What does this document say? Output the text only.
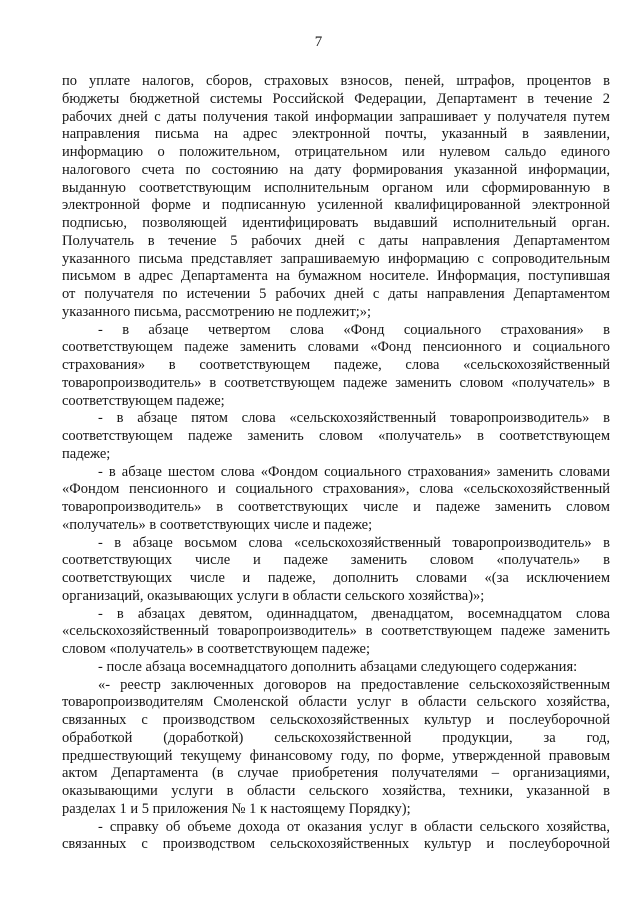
7
по уплате налогов, сборов, страховых взносов, пеней, штрафов, процентов в
бюджеты бюджетной системы Российской Федерации, Департамент в течение 2
рабочих дней с даты получения такой информации запрашивает у получателя путем
направления письма на адрес электронной почты, указанный в заявлении,
информацию о положительном, отрицательном или нулевом сальдо единого
налогового счета по состоянию на дату формирования указанной информации,
выданную соответствующим исполнительным органом или сформированную в
электронной форме и подписанную усиленной квалифицированной электронной
подписью, позволяющей идентифицировать выдавший исполнительный орган.
Получатель в течение 5 рабочих дней с даты направления Департаментом
указанного письма представляет запрашиваемую информацию с сопроводительным
письмом в адрес Департамента на бумажном носителе. Информация, поступившая
от получателя по истечении 5 рабочих дней с даты направления Департаментом
указанного письма, рассмотрению не подлежит;»;
- в абзаце четвертом слова «Фонд социального страхования» в
соответствующем падеже заменить словами «Фонд пенсионного и социального
страхования» в соответствующем падеже, слова «сельскохозяйственный
товаропроизводитель» в соответствующем падеже заменить словом «получатель» в
соответствующем падеже;
- в абзаце пятом слова «сельскохозяйственный товаропроизводитель» в
соответствующем падеже заменить словом «получатель» в соответствующем
падеже;
- в абзаце шестом слова «Фондом социального страхования» заменить словами
«Фондом пенсионного и социального страхования», слова «сельскохозяйственный
товаропроизводитель» в соответствующих числе и падеже заменить словом
«получатель» в соответствующих числе и падеже;
- в абзаце восьмом слова «сельскохозяйственный товаропроизводитель» в
соответствующих числе и падеже заменить словом «получатель» в
соответствующих числе и падеже, дополнить словами «(за исключением
организаций, оказывающих услуги в области сельского хозяйства)»;
- в абзацах девятом, одиннадцатом, двенадцатом, восемнадцатом слова
«сельскохозяйственный товаропроизводитель» в соответствующем падеже заменить
словом «получатель» в соответствующем падеже;
- после абзаца восемнадцатого дополнить абзацами следующего содержания:
«- реестр заключенных договоров на предоставление сельскохозяйственным
товаропроизводителям Смоленской области услуг в области сельского хозяйства,
связанных с производством сельскохозяйственных культур и послеуборочной
обработкой (доработкой) сельскохозяйственной продукции, за год,
предшествующий текущему финансовому году, по форме, утвержденной правовым
актом Департамента (в случае приобретения получателями – организациями,
оказывающими услуги в области сельского хозяйства, техники, указанной в
разделах 1 и 5 приложения № 1 к настоящему Порядку);
- справку об объеме дохода от оказания услуг в области сельского хозяйства,
связанных с производством сельскохозяйственных культур и послеуборочной
